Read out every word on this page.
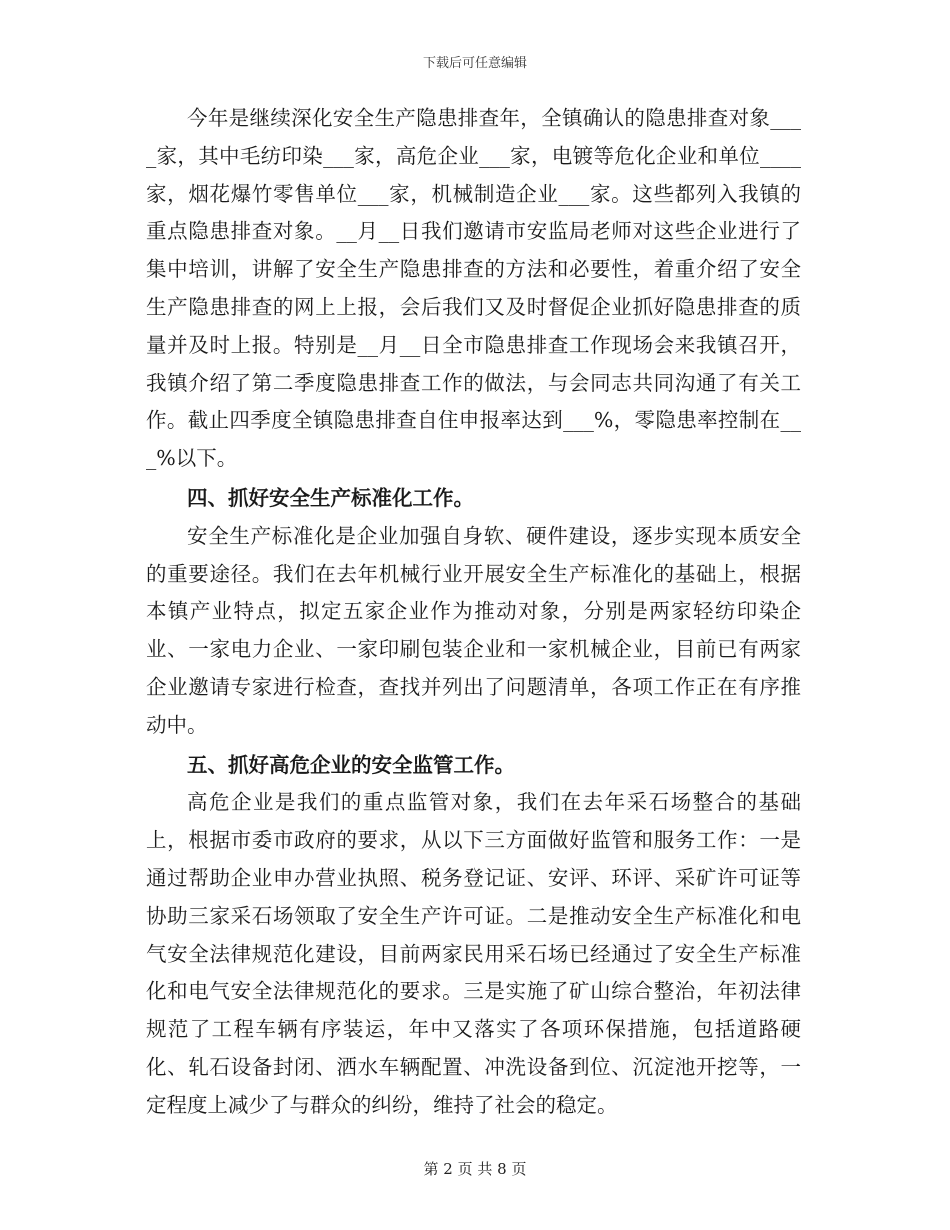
下载后可任意编辑

今年是继续深化安全生产隐患排查年，全镇确认的隐患排查对象____家，其中毛纺印染___家，高危企业___家，电镀等危化企业和单位____家，烟花爆竹零售单位___家，机械制造企业___家。这些都列入我镇的重点隐患排查对象。__月__日我们邀请市安监局老师对这些企业进行了集中培训，讲解了安全生产隐患排查的方法和必要性，着重介绍了安全生产隐患排查的网上上报，会后我们又及时督促企业抓好隐患排查的质量并及时上报。特别是__月__日全市隐患排查工作现场会来我镇召开，我镇介绍了第二季度隐患排查工作的做法，与会同志共同沟通了有关工作。截止四季度全镇隐患排查自住申报率达到___%，零隐患率控制在___%以下。

四、抓好安全生产标准化工作。

安全生产标准化是企业加强自身软、硬件建设，逐步实现本质安全的重要途径。我们在去年机械行业开展安全生产标准化的基础上，根据本镇产业特点，拟定五家企业作为推动对象，分别是两家轻纺印染企业、一家电力企业、一家印刷包装企业和一家机械企业，目前已有两家企业邀请专家进行检查，查找并列出了问题清单，各项工作正在有序推动中。

五、抓好高危企业的安全监管工作。

高危企业是我们的重点监管对象，我们在去年采石场整合的基础上，根据市委市政府的要求，从以下三方面做好监管和服务工作：一是通过帮助企业申办营业执照、税务登记证、安评、环评、采矿许可证等协助三家采石场领取了安全生产许可证。二是推动安全生产标准化和电气安全法律规范化建设，目前两家民用采石场已经通过了安全生产标准化和电气安全法律规范化的要求。三是实施了矿山综合整治，年初法律规范了工程车辆有序装运，年中又落实了各项环保措施，包括道路硬化、轧石设备封闭、洒水车辆配置、冲洗设备到位、沉淀池开挖等，一定程度上减少了与群众的纠纷，维持了社会的稳定。

第 2 页 共 8 页
